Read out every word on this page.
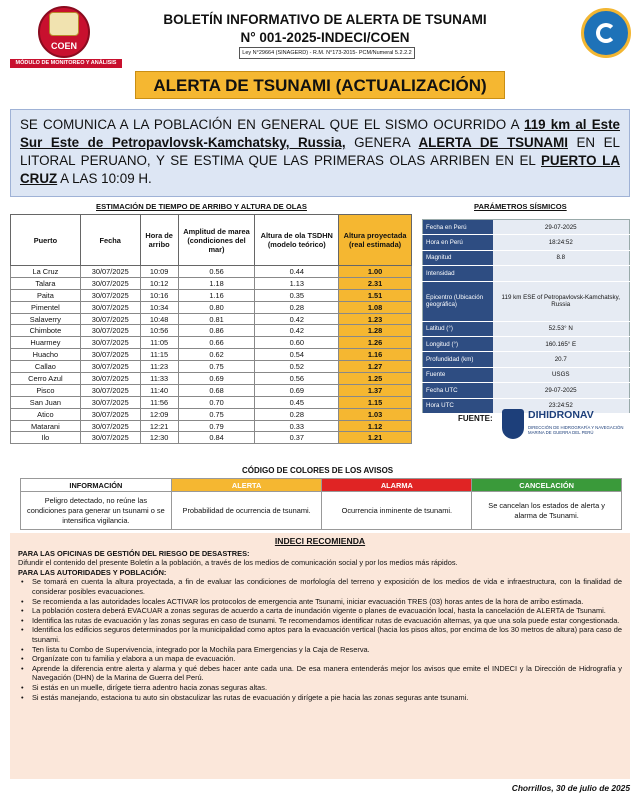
COEN
MÓDULO DE MONITOREO Y ANÁLISIS
BOLETÍN INFORMATIVO DE ALERTA DE TSUNAMI
N° 001-2025-INDECI/COEN
Ley N°29664 (SINAGERD) - R.M. N°173-2015- PCM/Numeral 5.2.2.2
ALERTA DE TSUNAMI (ACTUALIZACIÓN)
SE COMUNICA A LA POBLACIÓN EN GENERAL QUE EL SISMO OCURRIDO A 119 km al Este Sur Este de Petropavlovsk-Kamchatsky, Russia, GENERA ALERTA DE TSUNAMI EN EL LITORAL PERUANO, Y SE ESTIMA QUE LAS PRIMERAS OLAS ARRIBEN EN EL PUERTO LA CRUZ A LAS 10:09 H.
ESTIMACIÓN DE TIEMPO DE ARRIBO Y ALTURA DE OLAS	PARÁMETROS SÍSMICOS
Puerto	Fecha	Hora de arribo	Amplitud de marea (condiciones del mar)	Altura de ola TSDHN (modelo teórico)	Altura proyectada (real estimada)
La Cruz	30/07/2025	10:09	0.56	0.44	1.00
Talara	30/07/2025	10:12	1.18	1.13	2.31
Paita	30/07/2025	10:16	1.16	0.35	1.51
Pimentel	30/07/2025	10:34	0.80	0.28	1.08
Salaverry	30/07/2025	10:48	0.81	0.42	1.23
Chimbote	30/07/2025	10:56	0.86	0.42	1.28
Huarmey	30/07/2025	11:05	0.66	0.60	1.26
Huacho	30/07/2025	11:15	0.62	0.54	1.16
Callao	30/07/2025	11:23	0.75	0.52	1.27
Cerro Azul	30/07/2025	11:33	0.69	0.56	1.25
Pisco	30/07/2025	11:40	0.68	0.69	1.37
San Juan	30/07/2025	11:56	0.70	0.45	1.15
Atico	30/07/2025	12:09	0.75	0.28	1.03
Matarani	30/07/2025	12:21	0.79	0.33	1.12
Ilo	30/07/2025	12:30	0.84	0.37	1.21
Fecha en Perú	29-07-2025
Hora en Perú	18:24:52
Magnitud	8.8
Intensidad	
Epicentro (Ubicación geográfica)	119 km ESE of Petropavlovsk-Kamchatsky, Russia
Latitud (°)	52.53° N
Longitud (°)	160.165° E
Profundidad (km)	20.7
Fuente	USGS
Fecha UTC	29-07-2025
Hora UTC	23:24:52
FUENTE:	DIHIDRONAV
DIRECCIÓN DE HIDROGRAFÍA Y NAVEGACIÓN MARINA DE GUERRA DEL PERÚ
CÓDIGO DE COLORES DE LOS AVISOS
INFORMACIÓN	ALERTA	ALARMA	CANCELACIÓN
Peligro detectado, no reúne las condiciones para generar un tsunami o se intensifica vigilancia.	Probabilidad de ocurrencia de tsunami.	Ocurrencia inminente de tsunami.	Se cancelan los estados de alerta y alarma de Tsunami.
INDECI RECOMIENDA
PARA LAS OFICINAS DE GESTIÓN DEL RIESGO DE DESASTRES:
Difundir el contenido del presente Boletín a la población, a través de los medios de comunicación social y por los medios más rápidos.
PARA LAS AUTORIDADES Y POBLACIÓN:
• Se tomará en cuenta la altura proyectada, a fin de evaluar las condiciones de morfología del terreno y exposición de los medios de vida e infraestructura, con la finalidad de considerar posibles evacuaciones.
• Se recomienda a las autoridades locales ACTIVAR los protocolos de emergencia ante Tsunami, iniciar evacuación TRES (03) horas antes de la hora de arribo estimada.
• La población costera deberá EVACUAR a zonas seguras de acuerdo a carta de inundación vigente o planes de evacuación local, hasta la cancelación de ALERTA de Tsunami.
• Identifica las rutas de evacuación y las zonas seguras en caso de tsunami. Te recomendamos identificar rutas de evacuación alternas, ya que una sola puede estar congestionada.
• Identifica los edificios seguros determinados por la municipalidad como aptos para la evacuación vertical (hacia los pisos altos, por encima de los 30 metros de altura) para caso de tsunami.
• Ten lista tu Combo de Supervivencia, integrado por la Mochila para Emergencias y la Caja de Reserva.
• Organízate con tu familia y elabora a un mapa de evacuación.
• Aprende la diferencia entre alerta y alarma y qué debes hacer ante cada una. De esa manera entenderás mejor los avisos que emite el INDECI y la Dirección de Hidrografía y Navegación (DHN) de la Marina de Guerra del Perú.
• Si estás en un muelle, dirígete tierra adentro hacia zonas seguras altas.
• Si estás manejando, estaciona tu auto sin obstaculizar las rutas de evacuación y dirígete a pie hacia las zonas seguras ante tsunami.
Chorrillos, 30 de julio de 2025
